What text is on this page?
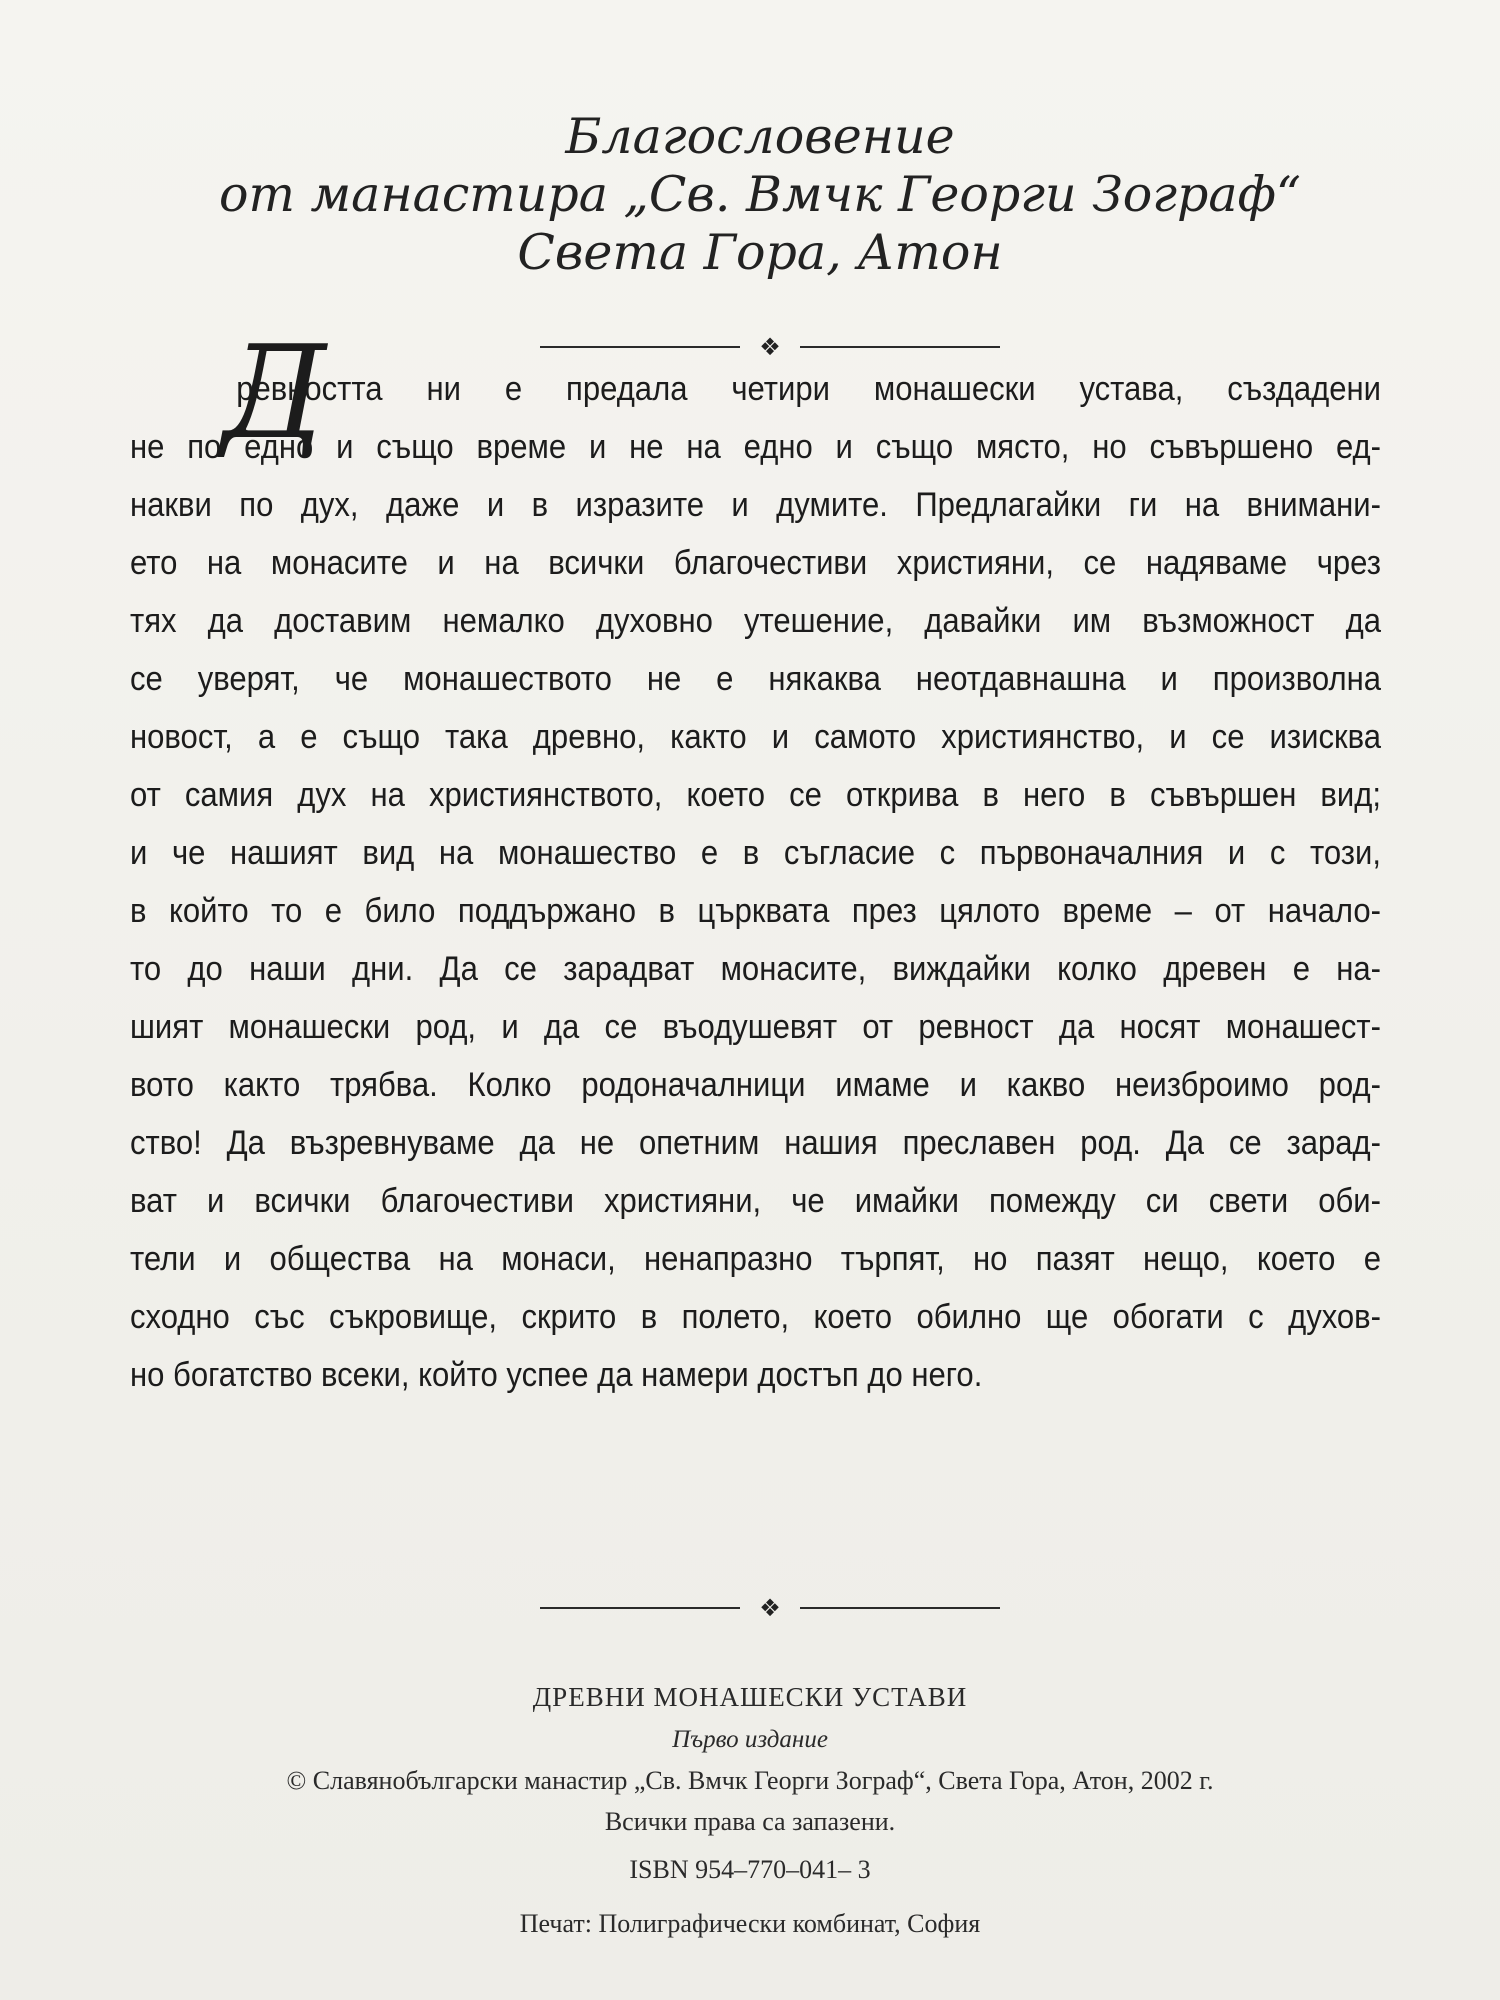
Благословение
от манастира „Св. Вмчк Георги Зограф“
Света Гора, Атон
❖
Д
ревността ни е предала четири монашески устава, създадени
не по едно и също време и не на едно и също място, но съвършено ед-
накви по дух, даже и в изразите и думите. Предлагайки ги на внимани-
ето на монасите и на всички благочестиви християни, се надяваме чрез
тях да доставим немалко духовно утешение, давайки им възможност да
се уверят, че монашеството не е някаква неотдавнашна и произволна
новост, а е също така древно, както и самото християнство, и се изисква
от самия дух на християнството, което се открива в него в съвършен вид;
и че нашият вид на монашество е в съгласие с първоначалния и с този,
в който то е било поддържано в църквата през цялото време – от начало-
то до наши дни. Да се зарадват монасите, виждайки колко древен е на-
шият монашески род, и да се въодушевят от ревност да носят монашест-
вото както трябва. Колко родоначалници имаме и какво неизброимо род-
ство! Да възревнуваме да не опетним нашия преславен род. Да се зарад-
ват и всички благочестиви християни, че имайки помежду си свети оби-
тели и общества на монаси, ненапразно търпят, но пазят нещо, което е
сходно със съкровище, скрито в полето, което обилно ще обогати с духов-
но богатство всеки, който успее да намери достъп до него.
❖
ДРЕВНИ МОНАШЕСКИ УСТАВИ
Първо издание
© Славянобългарски манастир „Св. Вмчк Георги Зограф“, Света Гора, Атон, 2002 г.
Всички права са запазени.
ISBN 954–770–041– 3
Печат: Полиграфически комбинат, София
